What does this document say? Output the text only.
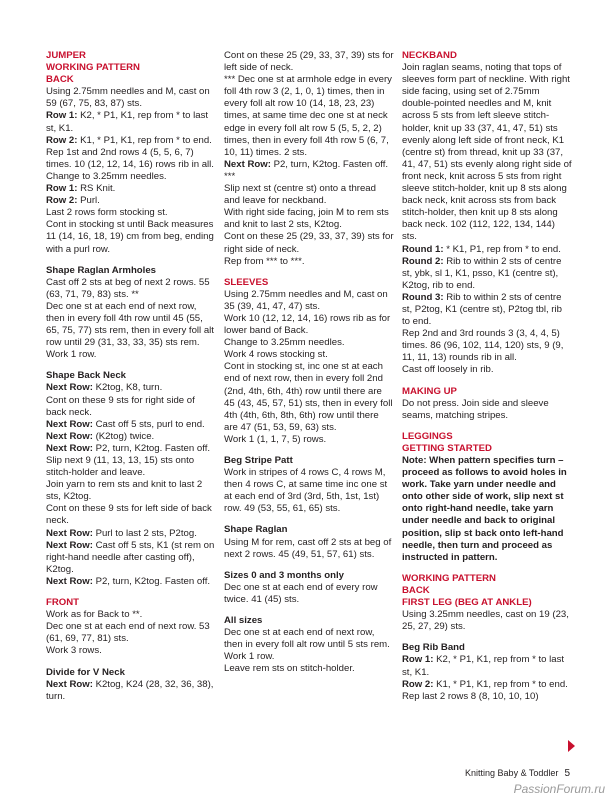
JUMPER

WORKING PATTERN

BACK

Using 2.75mm needles and M, cast on 59 (67, 75, 83, 87) sts.

Row 1: K2, * P1, K1, rep from * to last st, K1.

Row 2: K1, * P1, K1, rep from * to end.

Rep 1st and 2nd rows 4 (5, 5, 6, 7) times. 10 (12, 12, 14, 16) rows rib in all.

Change to 3.25mm needles.

Row 1: RS Knit.

Row 2: Purl.

Last 2 rows form stocking st.

Cont in stocking st until Back measures 11 (14, 16, 18, 19) cm from beg, ending with a purl row.

Shape Raglan Armholes

Cast off 2 sts at beg of next 2 rows. 55 (63, 71, 79, 83) sts. **

Dec one st at each end of next row, then in every foll 4th row until 45 (55, 65, 75, 77) sts rem, then in every foll alt row until 29 (31, 33, 33, 35) sts rem.

Work 1 row.

Shape Back Neck

Next Row: K2tog, K8, turn.

Cont on these 9 sts for right side of back neck.

Next Row: Cast off 5 sts, purl to end.

Next Row: (K2tog) twice.

Next Row: P2, turn, K2tog. Fasten off.

Slip next 9 (11, 13, 13, 15) sts onto stitch-holder and leave.

Join yarn to rem sts and knit to last 2 sts, K2tog.

Cont on these 9 sts for left side of back neck.

Next Row: Purl to last 2 sts, P2tog.

Next Row: Cast off 5 sts, K1 (st rem on right-hand needle after casting off), K2tog.

Next Row: P2, turn, K2tog. Fasten off.

FRONT

Work as for Back to **.

Dec one st at each end of next row. 53 (61, 69, 77, 81) sts.

Work 3 rows.

Divide for V Neck

Next Row: K2tog, K24 (28, 32, 36, 38), turn.

Cont on these 25 (29, 33, 37, 39) sts for left side of neck.

*** Dec one st at armhole edge in every foll 4th row 3 (2, 1, 0, 1) times, then in every foll alt row 10 (14, 18, 23, 23) times, at same time dec one st at neck edge in every foll alt row 5 (5, 5, 2, 2) times, then in every foll 4th row 5 (6, 7, 10, 11) times. 2 sts.

Next Row: P2, turn, K2tog. Fasten off. ***

Slip next st (centre st) onto a thread and leave for neckband.

With right side facing, join M to rem sts and knit to last 2 sts, K2tog.

Cont on these 25 (29, 33, 37, 39) sts for right side of neck.

Rep from *** to ***.

SLEEVES

Using 2.75mm needles and M, cast on 35 (39, 41, 47, 47) sts.

Work 10 (12, 12, 14, 16) rows rib as for lower band of Back.

Change to 3.25mm needles.

Work 4 rows stocking st.

Cont in stocking st, inc one st at each end of next row, then in every foll 2nd (2nd, 4th, 6th, 4th) row until there are 45 (43, 45, 57, 51) sts, then in every foll 4th (4th, 6th, 8th, 6th) row until there are 47 (51, 53, 59, 63) sts.

Work 1 (1, 1, 7, 5) rows.

Beg Stripe Patt

Work in stripes of 4 rows C, 4 rows M, then 4 rows C, at same time inc one st at each end of 3rd (3rd, 5th, 1st, 1st) row. 49 (53, 55, 61, 65) sts.

Shape Raglan

Using M for rem, cast off 2 sts at beg of next 2 rows. 45 (49, 51, 57, 61) sts.

Sizes 0 and 3 months only

Dec one st at each end of every row twice. 41 (45) sts.

All sizes

Dec one st at each end of next row, then in every foll alt row until 5 sts rem.

Work 1 row.

Leave rem sts on stitch-holder.

NECKBAND

Join raglan seams, noting that tops of sleeves form part of neckline. With right side facing, using set of 2.75mm double-pointed needles and M, knit across 5 sts from left sleeve stitch-holder, knit up 33 (37, 41, 47, 51) sts evenly along left side of front neck, K1 (centre st) from thread, knit up 33 (37, 41, 47, 51) sts evenly along right side of front neck, knit across 5 sts from right sleeve stitch-holder, knit up 8 sts along back neck, knit across sts from back stitch-holder, then knit up 8 sts along back neck. 102 (112, 122, 134, 144) sts.

Round 1: * K1, P1, rep from * to end.

Round 2: Rib to within 2 sts of centre st, ybk, sl 1, K1, psso, K1 (centre st), K2tog, rib to end.

Round 3: Rib to within 2 sts of centre st, P2tog, K1 (centre st), P2tog tbl, rib to end.

Rep 2nd and 3rd rounds 3 (3, 4, 4, 5) times. 86 (96, 102, 114, 120) sts, 9 (9, 11, 11, 13) rounds rib in all.

Cast off loosely in rib.

MAKING UP

Do not press. Join side and sleeve seams, matching stripes.

LEGGINGS

GETTING STARTED

Note: When pattern specifies turn – proceed as follows to avoid holes in work. Take yarn under needle and onto other side of work, slip next st onto right-hand needle, take yarn under needle and back to original position, slip st back onto left-hand needle, then turn and proceed as instructed in pattern.

WORKING PATTERN

BACK

FIRST LEG (BEG AT ANKLE)

Using 3.25mm needles, cast on 19 (23, 25, 27, 29) sts.

Beg Rib Band

Row 1: K2, * P1, K1, rep from * to last st, K1.

Row 2: K1, * P1, K1, rep from * to end.

Rep last 2 rows 8 (8, 10, 10, 10)

Knitting Baby & Toddler 5
PassionForum.ru
